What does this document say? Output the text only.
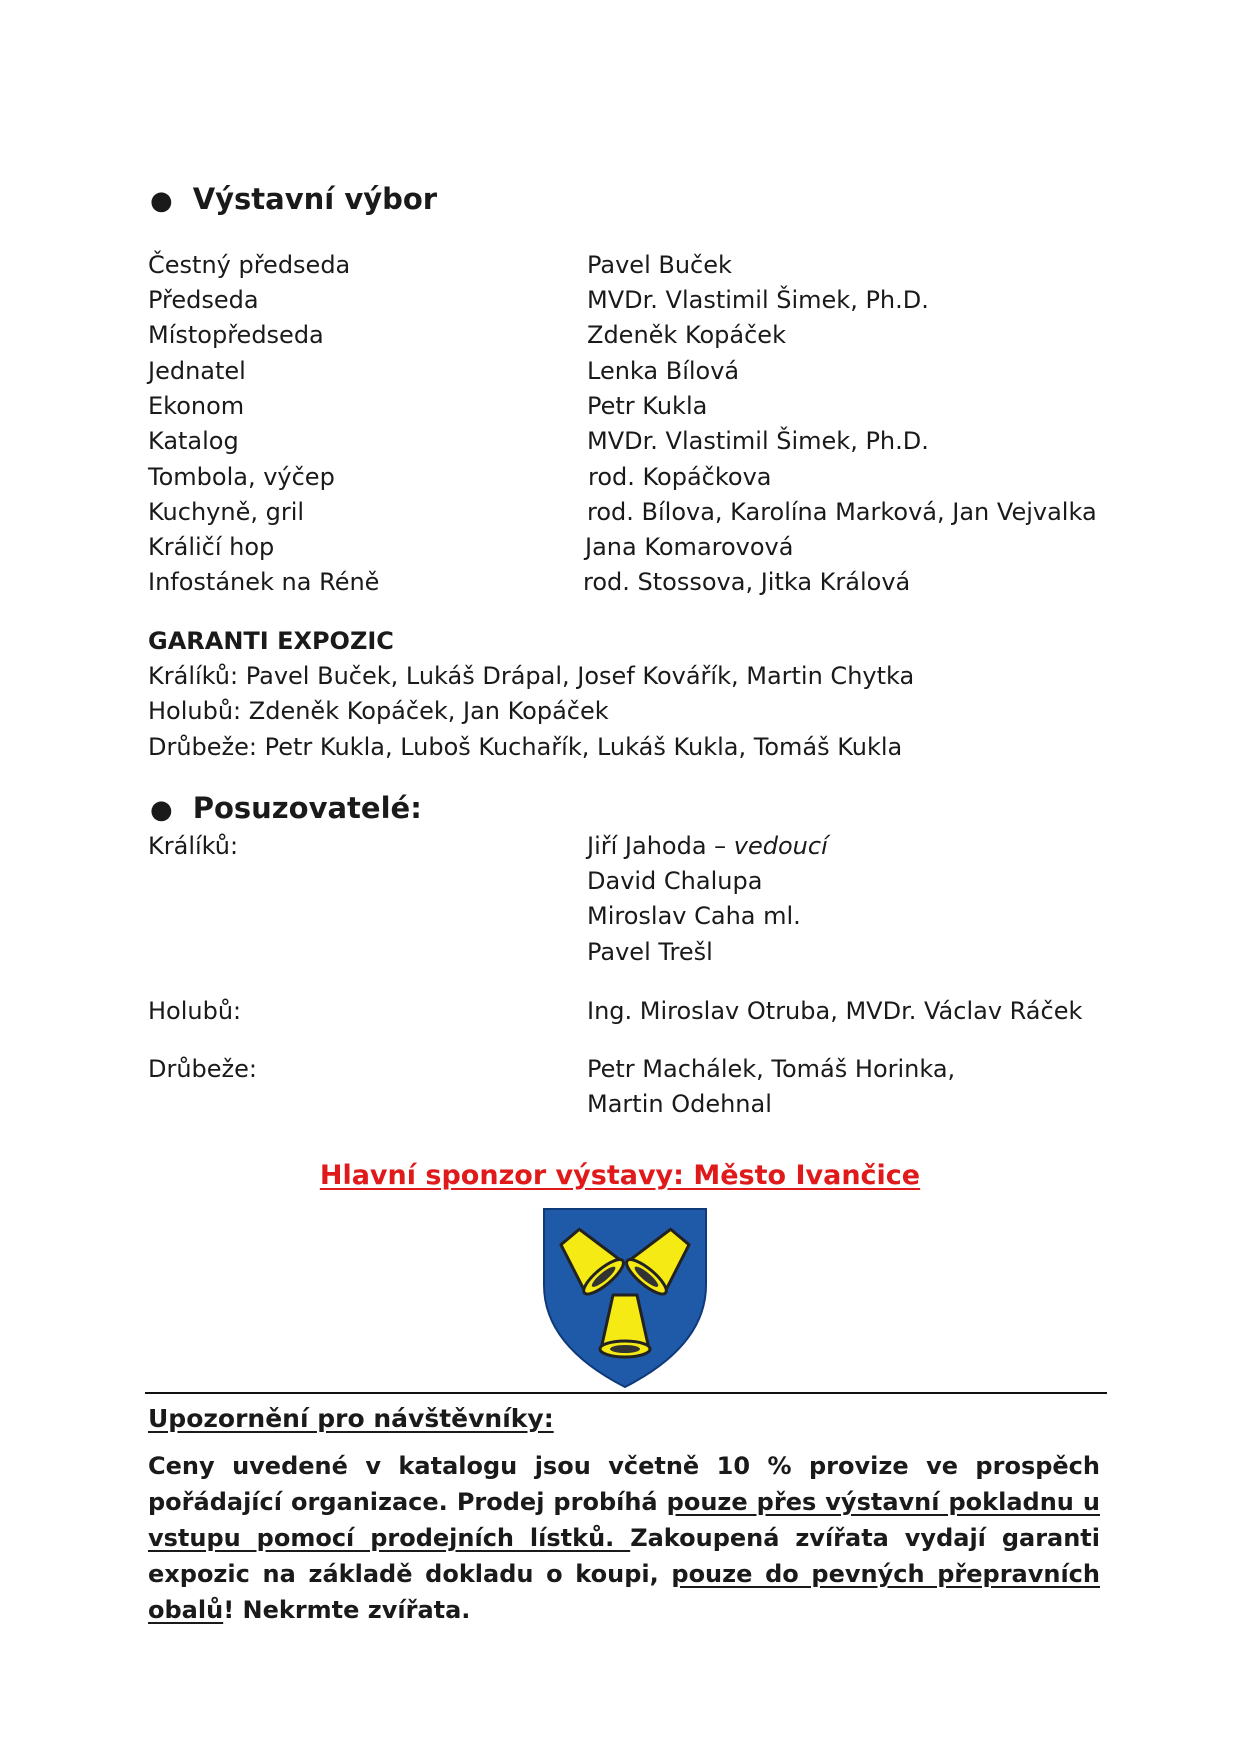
● Výstavní výbor
Čestný předseda	Pavel Buček
Předseda	MVDr. Vlastimil Šimek, Ph.D.
Místopředseda	Zdeněk Kopáček
Jednatel	Lenka Bílová
Ekonom	Petr Kukla
Katalog	MVDr. Vlastimil Šimek, Ph.D.
Tombola, výčep	rod. Kopáčkova
Kuchyně, gril	rod. Bílova, Karolína Marková, Jan Vejvalka
Králičí hop	Jana Komarovová
Infostánek na Réně	rod. Stossova, Jitka Králová
GARANTI EXPOZIC
Králíků: Pavel Buček, Lukáš Drápal, Josef Kovářík, Martin Chytka
Holubů: Zdeněk Kopáček, Jan Kopáček
Drůbeže: Petr Kukla, Luboš Kuchařík, Lukáš Kukla, Tomáš Kukla
● Posuzovatelé:
Králíků:	Jiří Jahoda – vedoucí
David Chalupa
Miroslav Caha ml.
Pavel Trešl
Holubů:	Ing. Miroslav Otruba, MVDr. Václav Ráček
Drůbeže:	Petr Machálek, Tomáš Horinka,
Martin Odehnal
Hlavní sponzor výstavy: Město Ivančice
Upozornění pro návštěvníky:
Ceny uvedené v katalogu jsou včetně 10 % provize ve prospěch pořádající organizace. Prodej probíhá pouze přes výstavní pokladnu u vstupu pomocí prodejních lístků. Zakoupená zvířata vydají garanti expozic na základě dokladu o koupi, pouze do pevných přepravních obalů! Nekrmte zvířata.
